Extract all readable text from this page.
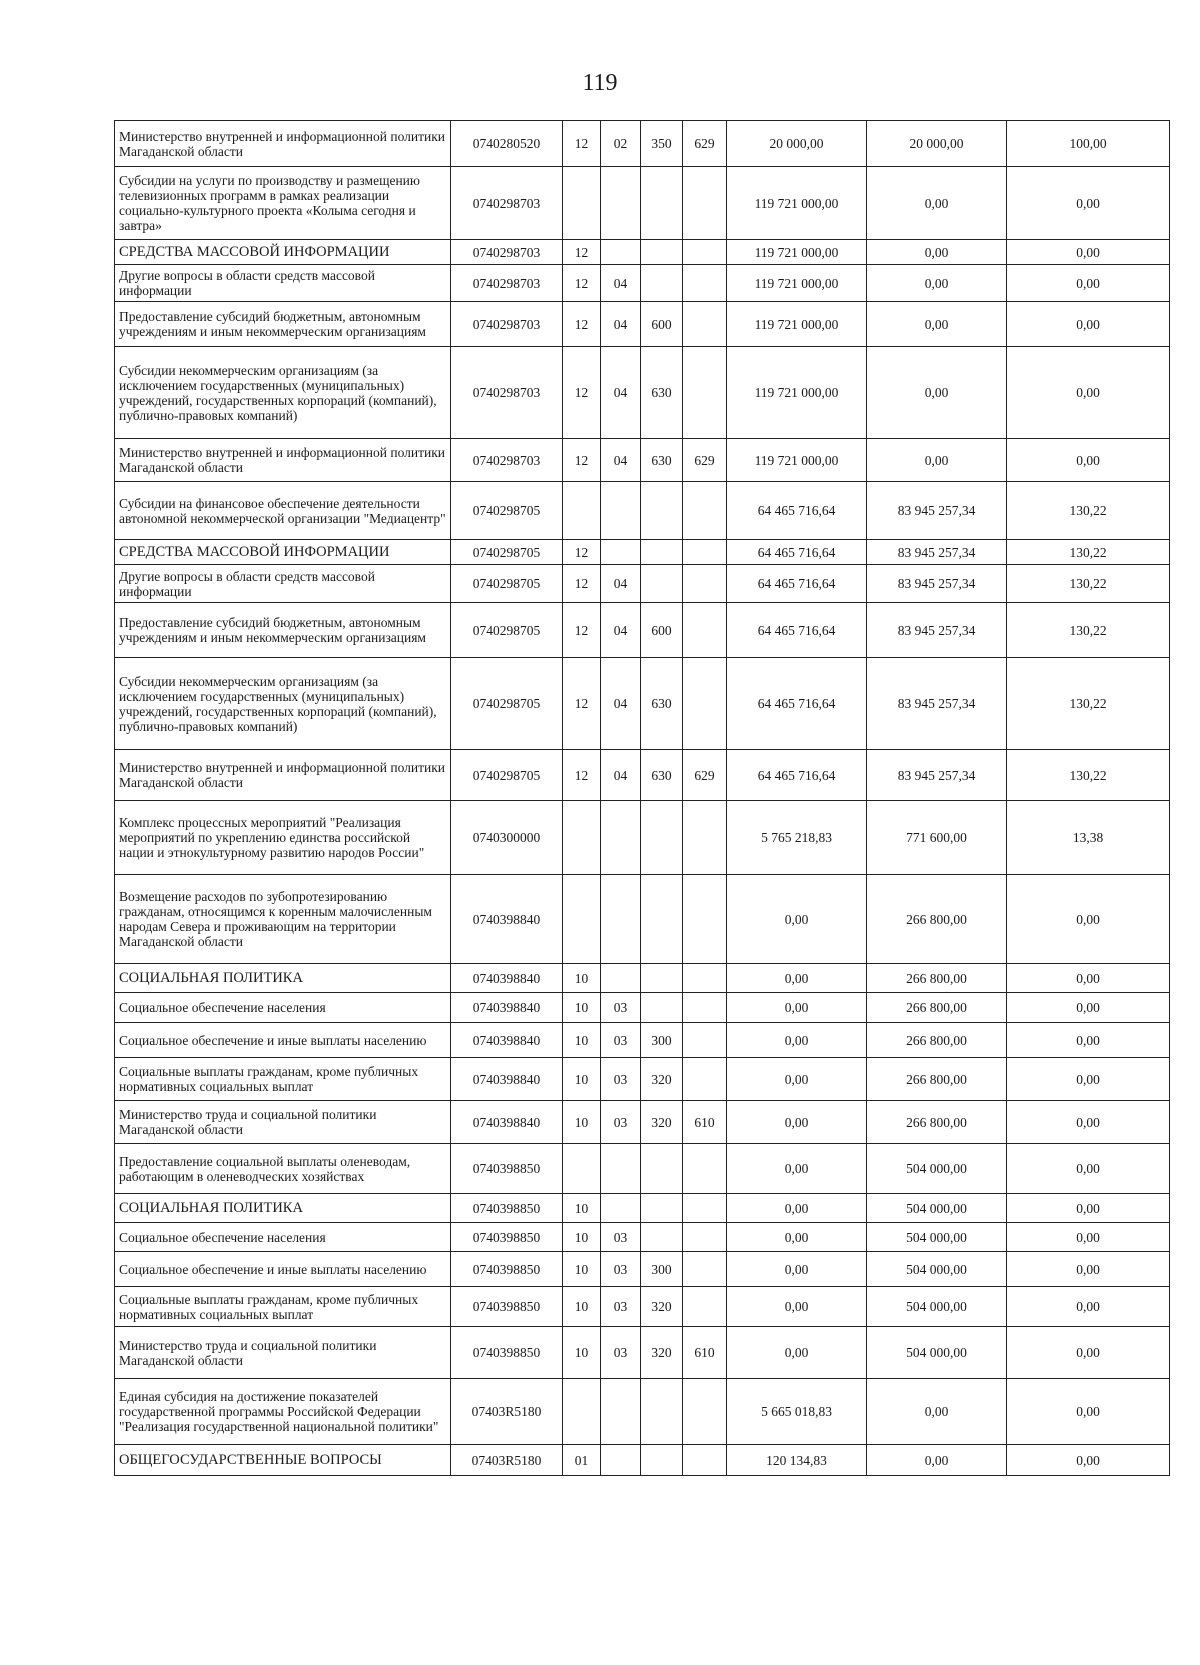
119
Министерство внутренней и информационной политики Магаданской области	0740280520	12	02	350	629	20 000,00	20 000,00	100,00
Субсидии на услуги по производству и размещению телевизионных программ в рамках реализации социально-культурного проекта «Колыма сегодня и завтра»	0740298703					119 721 000,00	0,00	0,00
СРЕДСТВА МАССОВОЙ ИНФОРМАЦИИ	0740298703	12				119 721 000,00	0,00	0,00
Другие вопросы в области средств массовой информации	0740298703	12	04			119 721 000,00	0,00	0,00
Предоставление субсидий бюджетным, автономным учреждениям и иным некоммерческим организациям	0740298703	12	04	600		119 721 000,00	0,00	0,00
Субсидии некоммерческим организациям (за исключением государственных (муниципальных) учреждений, государственных корпораций (компаний), публично-правовых компаний)	0740298703	12	04	630		119 721 000,00	0,00	0,00
Министерство внутренней и информационной политики Магаданской области	0740298703	12	04	630	629	119 721 000,00	0,00	0,00
Субсидии на финансовое обеспечение деятельности автономной некоммерческой организации "Медиацентр"	0740298705					64 465 716,64	83 945 257,34	130,22
СРЕДСТВА МАССОВОЙ ИНФОРМАЦИИ	0740298705	12				64 465 716,64	83 945 257,34	130,22
Другие вопросы в области средств массовой информации	0740298705	12	04			64 465 716,64	83 945 257,34	130,22
Предоставление субсидий бюджетным, автономным учреждениям и иным некоммерческим организациям	0740298705	12	04	600		64 465 716,64	83 945 257,34	130,22
Субсидии некоммерческим организациям (за исключением государственных (муниципальных) учреждений, государственных корпораций (компаний), публично-правовых компаний)	0740298705	12	04	630		64 465 716,64	83 945 257,34	130,22
Министерство внутренней и информационной политики Магаданской области	0740298705	12	04	630	629	64 465 716,64	83 945 257,34	130,22
Комплекс процессных мероприятий "Реализация мероприятий по укреплению единства российской нации и этнокультурному развитию народов России"	0740300000					5 765 218,83	771 600,00	13,38
Возмещение расходов по зубопротезированию гражданам, относящимся к коренным малочисленным народам Севера и проживающим на территории Магаданской области	0740398840					0,00	266 800,00	0,00
СОЦИАЛЬНАЯ ПОЛИТИКА	0740398840	10				0,00	266 800,00	0,00
Социальное обеспечение населения	0740398840	10	03			0,00	266 800,00	0,00
Социальное обеспечение и иные выплаты населению	0740398840	10	03	300		0,00	266 800,00	0,00
Социальные выплаты гражданам, кроме публичных нормативных социальных выплат	0740398840	10	03	320		0,00	266 800,00	0,00
Министерство труда и социальной политики Магаданской области	0740398840	10	03	320	610	0,00	266 800,00	0,00
Предоставление социальной выплаты оленеводам, работающим в оленеводческих хозяйствах	0740398850					0,00	504 000,00	0,00
СОЦИАЛЬНАЯ ПОЛИТИКА	0740398850	10				0,00	504 000,00	0,00
Социальное обеспечение населения	0740398850	10	03			0,00	504 000,00	0,00
Социальное обеспечение и иные выплаты населению	0740398850	10	03	300		0,00	504 000,00	0,00
Социальные выплаты гражданам, кроме публичных нормативных социальных выплат	0740398850	10	03	320		0,00	504 000,00	0,00
Министерство труда и социальной политики Магаданской области	0740398850	10	03	320	610	0,00	504 000,00	0,00
Единая субсидия на достижение показателей государственной программы Российской Федерации "Реализация государственной национальной политики"	07403R5180					5 665 018,83	0,00	0,00
ОБЩЕГОСУДАРСТВЕННЫЕ ВОПРОСЫ	07403R5180	01				120 134,83	0,00	0,00
